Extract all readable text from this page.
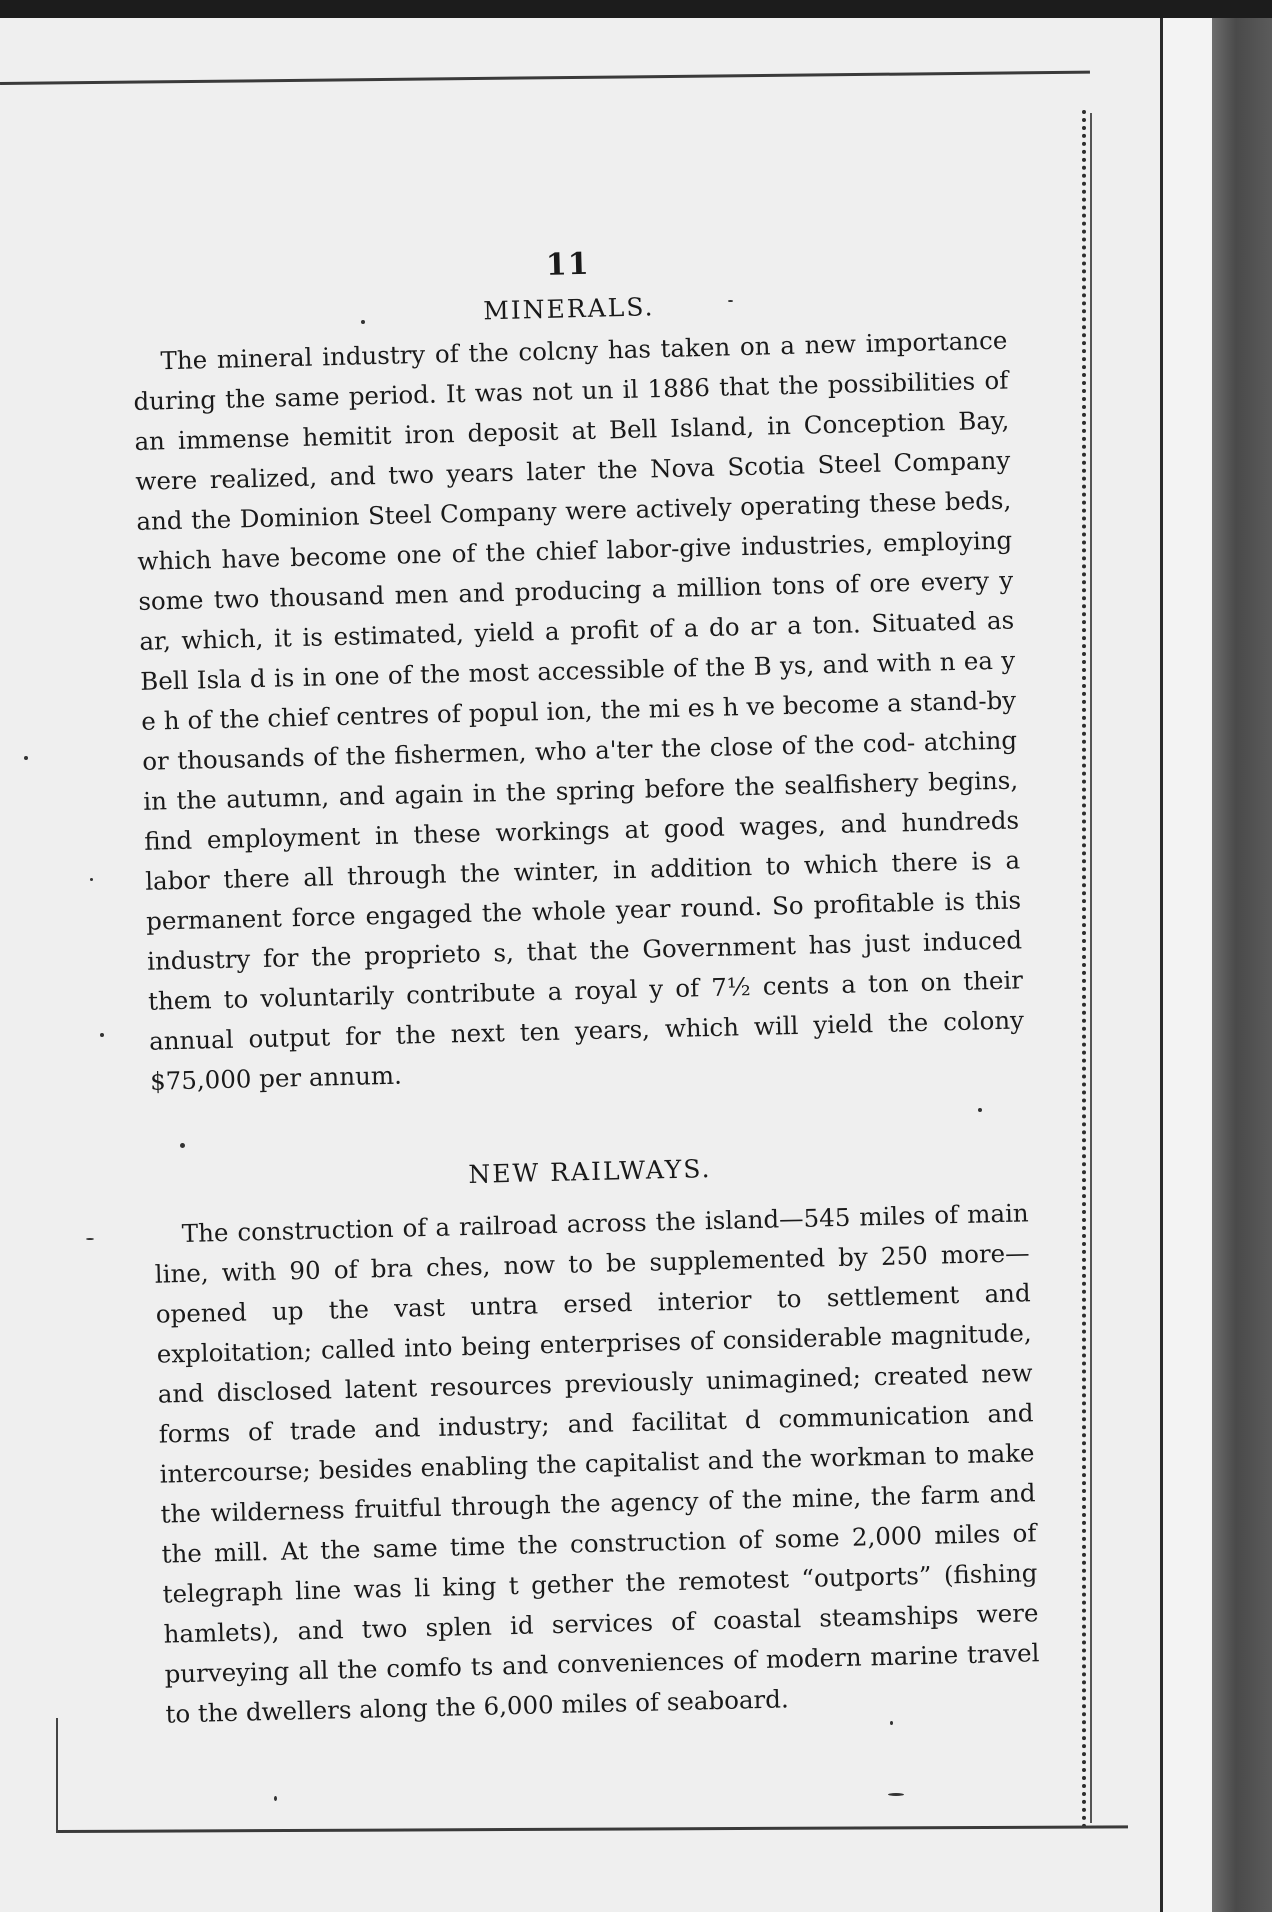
11
MINERALS.

The mineral industry of the colcny has taken on a new importance during the same period. It was not un il 1886 that the possibilities of an immense hemitit iron deposit at Bell Island, in Conception Bay, were realized, and two years later the Nova Scotia Steel Company and the Dominion Steel Company were actively operating these beds, which have become one of the chief labor-give industries, employing some two thousand men and producing a million tons of ore every y ar, which, it is estimated, yield a profit of a do ar a ton. Situated as Bell Isla d is in one of the most accessible of the B ys, and with n ea y e h of the chief centres of popul ion, the mi es h ve become a stand-by or thousands of the fishermen, who a'ter the close of the cod- atching in the autumn, and again in the spring before the sealfishery begins, find employment in these workings at good wages, and hundreds labor there all through the winter, in addition to which there is a permanent force engaged the whole year round. So profitable is this industry for the proprieto s, that the Government has just induced them to voluntarily contribute a royal y of 7½ cents a ton on their annual output for the next ten years, which will yield the colony $75,000 per annum.

NEW RAILWAYS.

The construction of a railroad across the island—545 miles of main line, with 90 of bra ches, now to be supplemented by 250 more—opened up the vast untra ersed interior to settlement and exploitation; called into being enterprises of considerable magnitude, and disclosed latent resources previously unimagined; created new forms of trade and industry; and facilitat d communication and intercourse; besides enabling the capitalist and the workman to make the wilderness fruitful through the agency of the mine, the farm and the mill. At the same time the construction of some 2,000 miles of telegraph line was li king t gether the remotest “outports” (fishing hamlets), and two splen id services of coastal steamships were purveying all the comfo ts and conveniences of modern marine travel to the dwellers along the 6,000 miles of seaboard.
